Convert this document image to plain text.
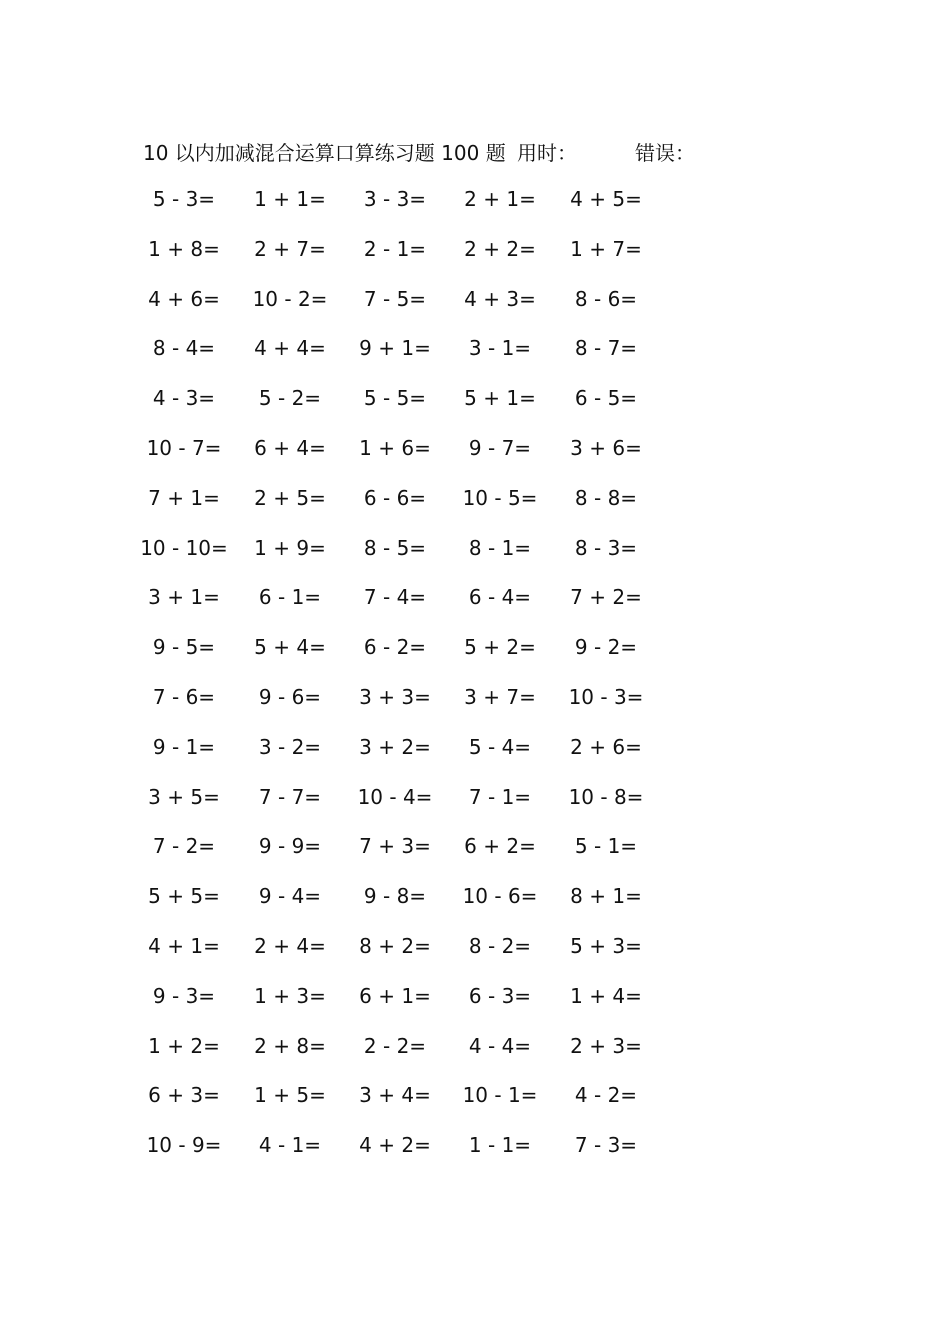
10 以内加减混合运算口算练习题 100 题 用时：	错误：
5 - 3=	1 + 1=	3 - 3=	2 + 1=	4 + 5=
1 + 8=	2 + 7=	2 - 1=	2 + 2=	1 + 7=
4 + 6=	10 - 2=	7 - 5=	4 + 3=	8 - 6=
8 - 4=	4 + 4=	9 + 1=	3 - 1=	8 - 7=
4 - 3=	5 - 2=	5 - 5=	5 + 1=	6 - 5=
10 - 7=	6 + 4=	1 + 6=	9 - 7=	3 + 6=
7 + 1=	2 + 5=	6 - 6=	10 - 5=	8 - 8=
10 - 10=	1 + 9=	8 - 5=	8 - 1=	8 - 3=
3 + 1=	6 - 1=	7 - 4=	6 - 4=	7 + 2=
9 - 5=	5 + 4=	6 - 2=	5 + 2=	9 - 2=
7 - 6=	9 - 6=	3 + 3=	3 + 7=	10 - 3=
9 - 1=	3 - 2=	3 + 2=	5 - 4=	2 + 6=
3 + 5=	7 - 7=	10 - 4=	7 - 1=	10 - 8=
7 - 2=	9 - 9=	7 + 3=	6 + 2=	5 - 1=
5 + 5=	9 - 4=	9 - 8=	10 - 6=	8 + 1=
4 + 1=	2 + 4=	8 + 2=	8 - 2=	5 + 3=
9 - 3=	1 + 3=	6 + 1=	6 - 3=	1 + 4=
1 + 2=	2 + 8=	2 - 2=	4 - 4=	2 + 3=
6 + 3=	1 + 5=	3 + 4=	10 - 1=	4 - 2=
10 - 9=	4 - 1=	4 + 2=	1 - 1=	7 - 3=
